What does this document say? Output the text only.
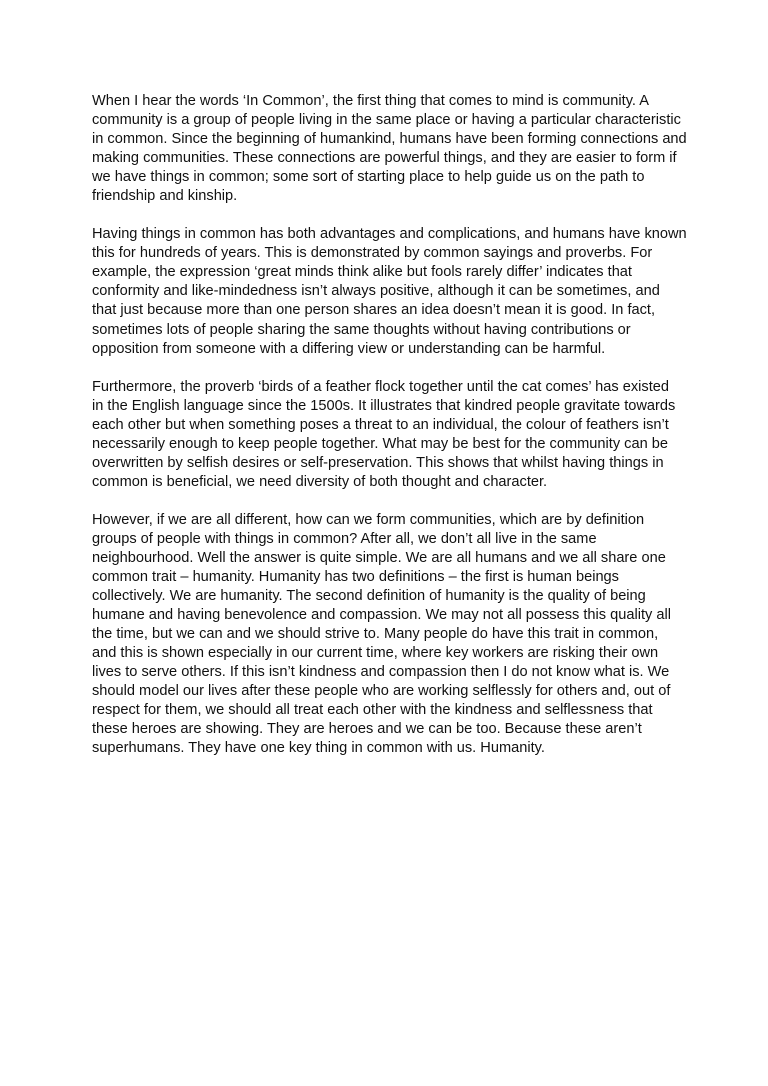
When I hear the words ‘In Common’, the first thing that comes to mind is community. A
community is a group of people living in the same place or having a particular characteristic
in common. Since the beginning of humankind, humans have been forming connections and
making communities. These connections are powerful things, and they are easier to form if
we have things in common; some sort of starting place to help guide us on the path to
friendship and kinship.

Having things in common has both advantages and complications, and humans have known
this for hundreds of years. This is demonstrated by common sayings and proverbs. For
example, the expression ‘great minds think alike but fools rarely differ’ indicates that
conformity and like-mindedness isn’t always positive, although it can be sometimes, and
that just because more than one person shares an idea doesn’t mean it is good. In fact,
sometimes lots of people sharing the same thoughts without having contributions or
opposition from someone with a differing view or understanding can be harmful.

Furthermore, the proverb ‘birds of a feather flock together until the cat comes’ has existed
in the English language since the 1500s. It illustrates that kindred people gravitate towards
each other but when something poses a threat to an individual, the colour of feathers isn’t
necessarily enough to keep people together. What may be best for the community can be
overwritten by selfish desires or self-preservation. This shows that whilst having things in
common is beneficial, we need diversity of both thought and character.

However, if we are all different, how can we form communities, which are by definition
groups of people with things in common? After all, we don’t all live in the same
neighbourhood. Well the answer is quite simple. We are all humans and we all share one
common trait – humanity. Humanity has two definitions – the first is human beings
collectively. We are humanity. The second definition of humanity is the quality of being
humane and having benevolence and compassion. We may not all possess this quality all
the time, but we can and we should strive to. Many people do have this trait in common,
and this is shown especially in our current time, where key workers are risking their own
lives to serve others. If this isn’t kindness and compassion then I do not know what is. We
should model our lives after these people who are working selflessly for others and, out of
respect for them, we should all treat each other with the kindness and selflessness that
these heroes are showing. They are heroes and we can be too. Because these aren’t
superhumans. They have one key thing in common with us. Humanity.
